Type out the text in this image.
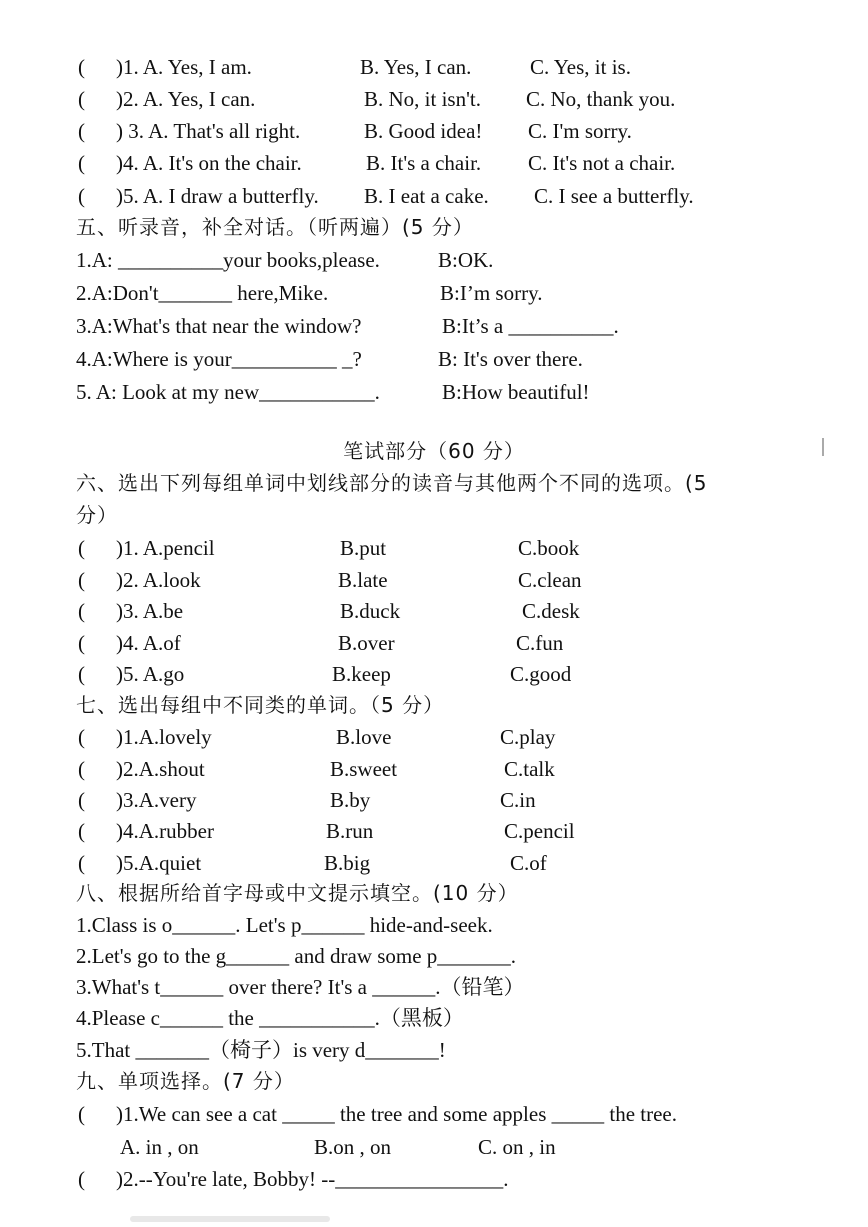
( )1. A. Yes, I am.	B. Yes, I can.	C. Yes, it is.
( )2. A. Yes, I can.	B. No, it isn't. C. No, thank you.
( ) 3. A. That's all right.	B. Good idea! C. I'm sorry.
( )4. A. It's on the chair.	B. It's a chair. C. It's not a chair.
( )5. A. I draw a butterfly. B. I eat a cake. C. I see a butterfly.
五、听录音，补全对话。（听两遍）(5 分）
1.A: __________your books,please.	B:OK.
2.A:Don't_______ here,Mike.	B:I’m sorry.
3.A:What's that near the window?	B:It’s a __________.
4.A:Where is your__________ _?	B: It's over there.
5. A: Look at my new___________.	B:How beautiful!
笔试部分（60 分）
六、选出下列每组单词中划线部分的读音与其他两个不同的选项。(5
分）
( )1. A.pencil	B.put	C.book
( )2. A.look	B.late	C.clean
( )3. A.be	B.duck	C.desk
( )4. A.of	B.over	C.fun
( )5. A.go	B.keep	C.good
七、选出每组中不同类的单词。（5 分）
( )1.A.lovely	B.love	C.play
( )2.A.shout	B.sweet	C.talk
( )3.A.very	B.by	C.in
( )4.A.rubber	B.run	C.pencil
( )5.A.quiet	B.big	C.of
八、根据所给首字母或中文提示填空。(10 分）
1.Class is o______. Let's p______ hide-and-seek.
2.Let's go to the g______ and draw some p_______.
3.What's t______ over there? It's a ______.（铅笔）
4.Please c______ the ___________.（黑板）
5.That _______（椅子）is very d_______!
九、单项选择。(7 分）
( )1.We can see a cat _____ the tree and some apples _____ the tree.
A. in , on	B.on , on	C. on , in
( )2.--You're late, Bobby! --________________.
